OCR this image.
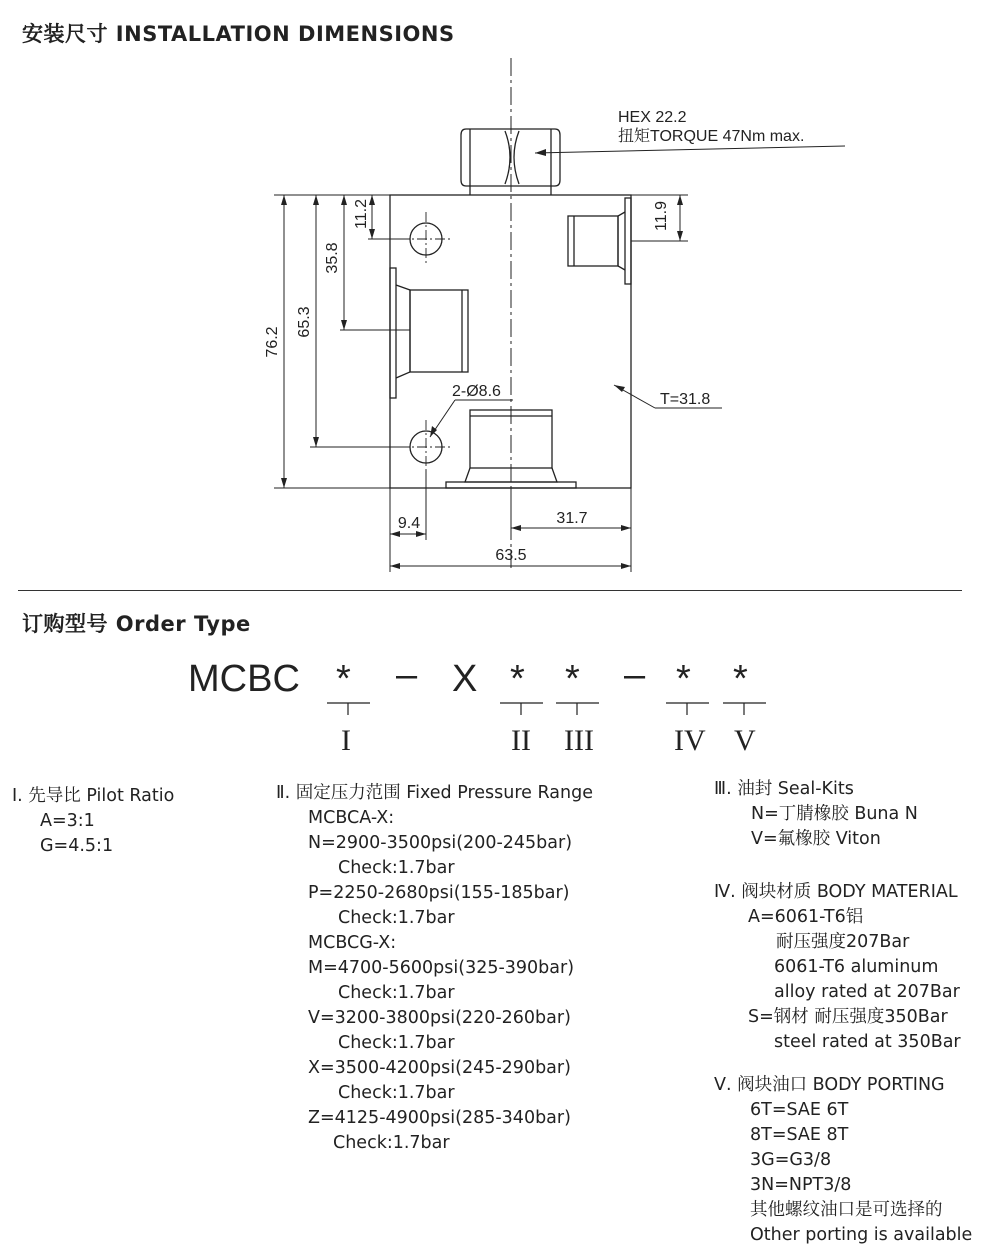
安装尺寸 INSTALLATION DIMENSIONS
76.2
65.3
35.8
11.2	11.9
9.4	31.7
63.5
HEX 22.2
扭矩TORQUE 47Nm max.
2-Ø8.6	T=31.8
订购型号 Order Type
MCBC * – X * * – * *
I	II III	IV V
Ⅰ. 先导比 Pilot Ratio
A=3:1
G=4.5:1
Ⅱ. 固定压力范围 Fixed Pressure Range
MCBCA-X:
N=2900-3500psi(200-245bar)
Check:1.7bar
P=2250-2680psi(155-185bar)
Check:1.7bar
MCBCG-X:
M=4700-5600psi(325-390bar)
Check:1.7bar
V=3200-3800psi(220-260bar)
Check:1.7bar
X=3500-4200psi(245-290bar)
Check:1.7bar
Z=4125-4900psi(285-340bar)
Check:1.7bar
Ⅲ. 油封 Seal-Kits
N=丁腈橡胶 Buna N
V=氟橡胶 Viton
Ⅳ. 阀块材质 BODY MATERIAL
A=6061-T6铝
耐压强度207Bar
6061-T6 aluminum
alloy rated at 207Bar
S=钢材 耐压强度350Bar
steel rated at 350Bar
Ⅴ. 阀块油口 BODY PORTING
6T=SAE 6T
8T=SAE 8T
3G=G3/8
3N=NPT3/8
其他螺纹油口是可选择的
Other porting is available
